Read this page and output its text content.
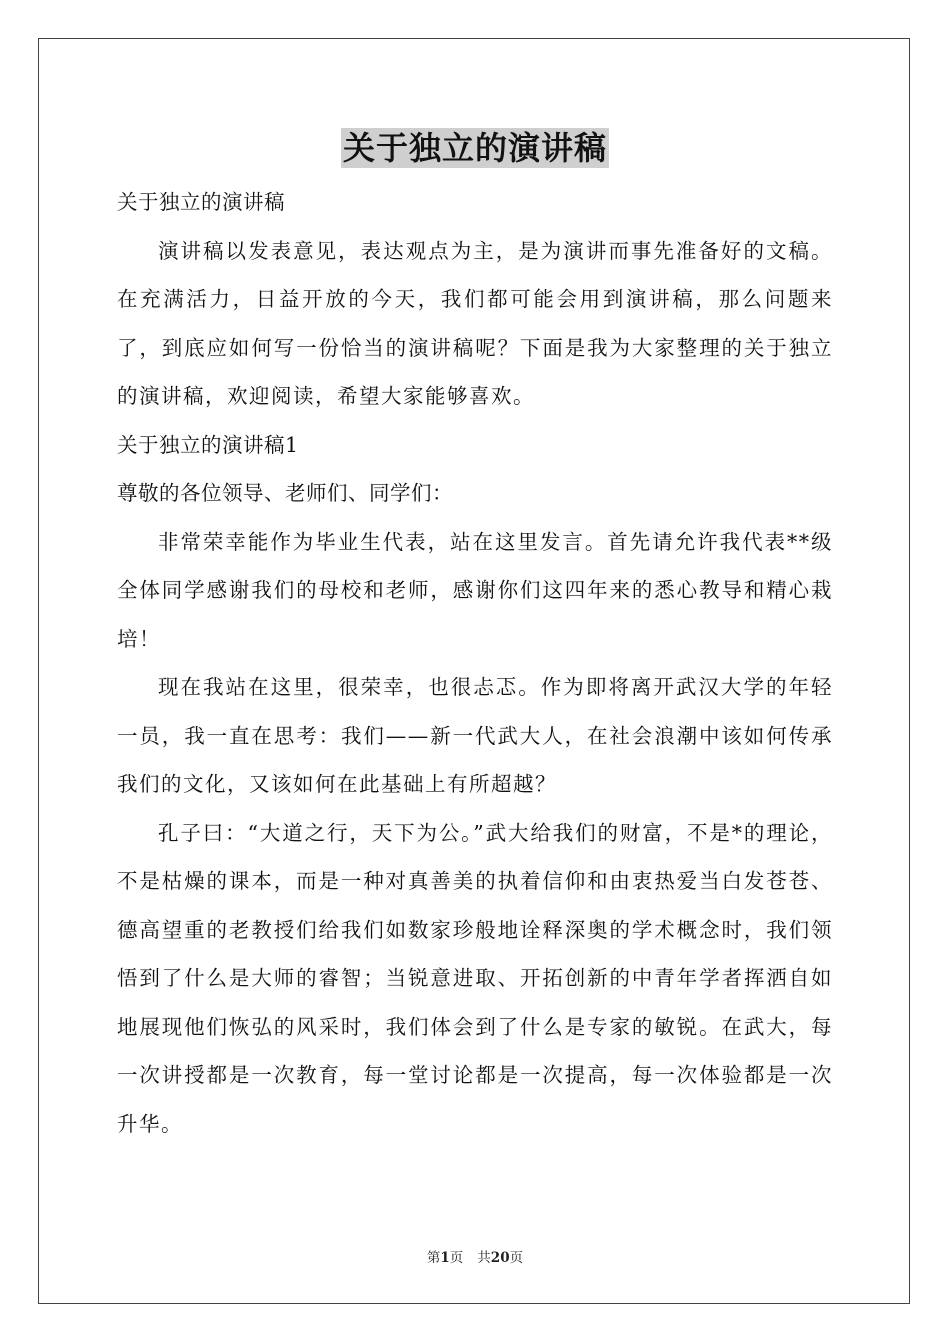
关于独立的演讲稿
关于独立的演讲稿

演讲稿以发表意见，表达观点为主，是为演讲而事先准备好的文稿。在充满活力，日益开放的今天，我们都可能会用到演讲稿，那么问题来了，到底应如何写一份恰当的演讲稿呢？下面是我为大家整理的关于独立的演讲稿，欢迎阅读，希望大家能够喜欢。

关于独立的演讲稿1
尊敬的各位领导、老师们、同学们：

非常荣幸能作为毕业生代表，站在这里发言。首先请允许我代表**级全体同学感谢我们的母校和老师，感谢你们这四年来的悉心教导和精心栽培！

现在我站在这里，很荣幸，也很忐忑。作为即将离开武汉大学的年轻一员，我一直在思考：我们——新一代武大人，在社会浪潮中该如何传承我们的文化，又该如何在此基础上有所超越？

孔子曰：“大道之行，天下为公。”武大给我们的财富，不是*的理论，不是枯燥的课本，而是一种对真善美的执着信仰和由衷热爱当白发苍苍、德高望重的老教授们给我们如数家珍般地诠释深奥的学术概念时，我们领悟到了什么是大师的睿智；当锐意进取、开拓创新的中青年学者挥洒自如地展现他们恢弘的风采时，我们体会到了什么是专家的敏锐。在武大，每一次讲授都是一次教育，每一堂讨论都是一次提高，每一次体验都是一次升华。

第1页 共20页
